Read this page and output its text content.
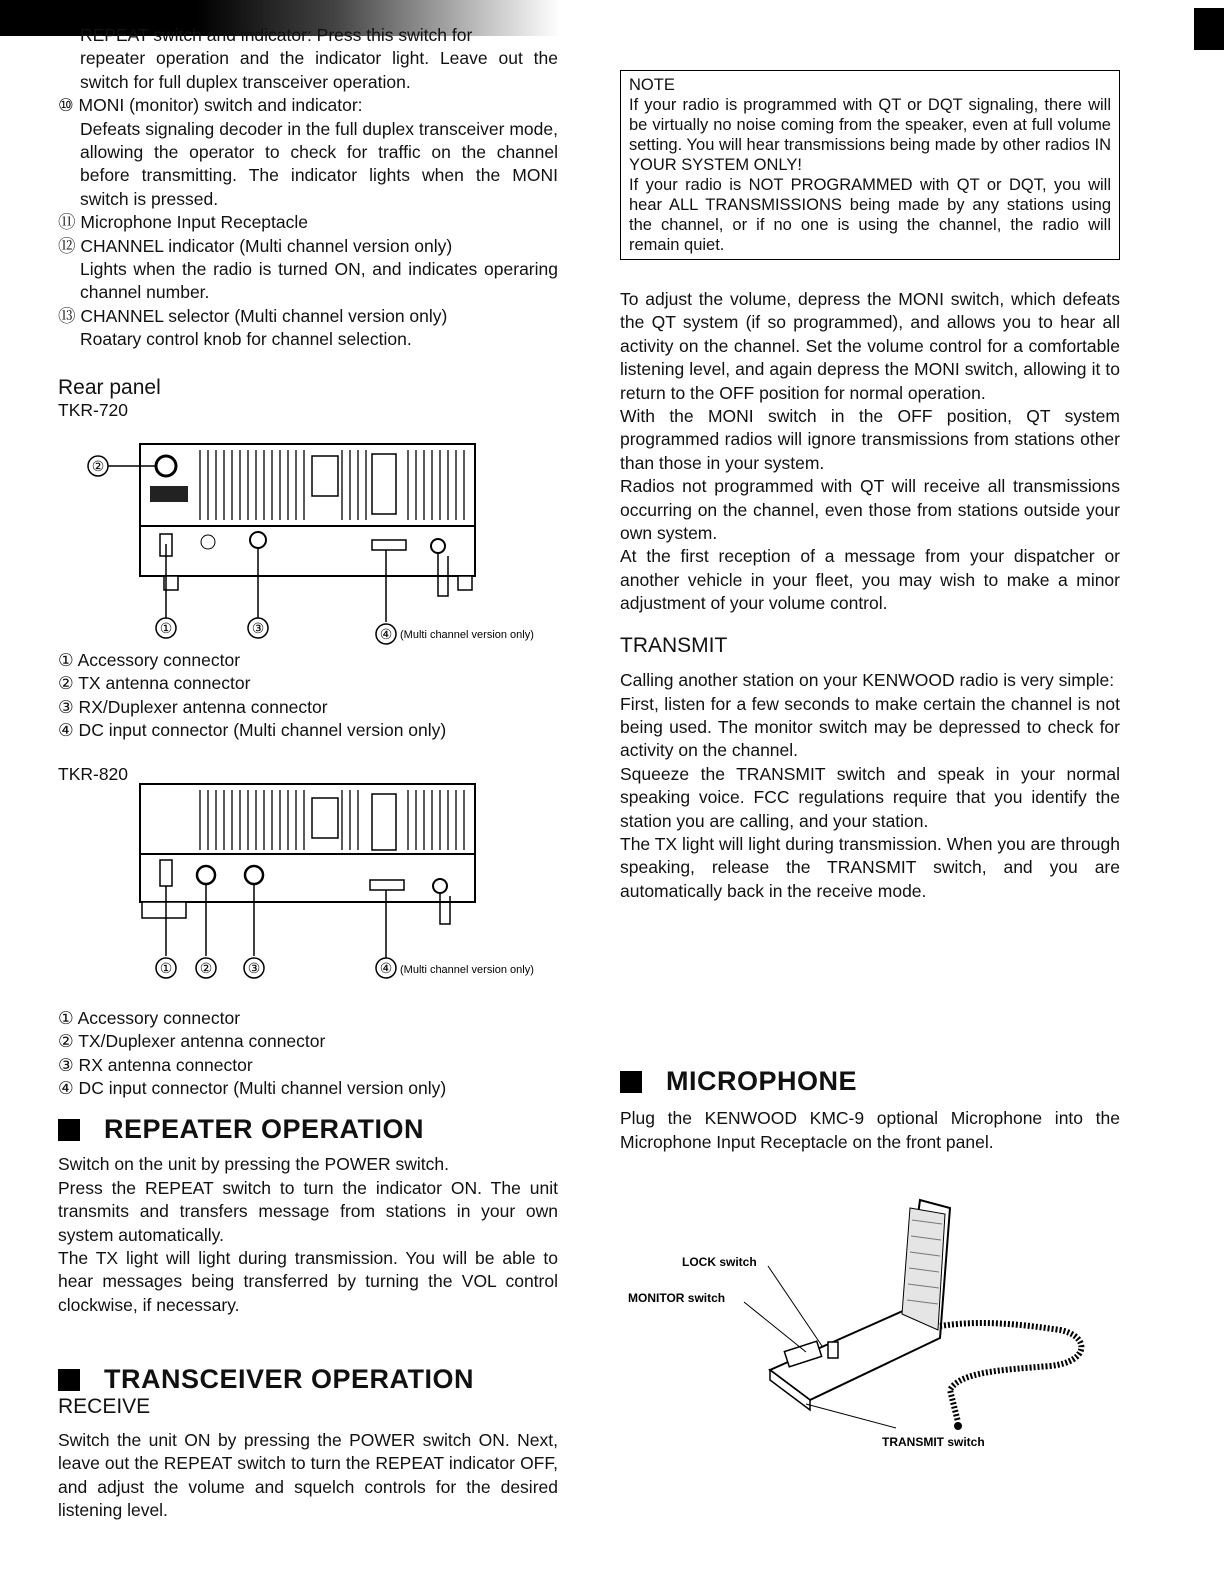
REPEAT switch and indicator: Press this switch for

repeater operation and the indicator light. Leave out the switch for full duplex transceiver operation.

⑩ MONI (monitor) switch and indicator:

Defeats signaling decoder in the full duplex transceiver mode, allowing the operator to check for traffic on the channel before transmitting. The indicator lights when the MONI switch is pressed.

⑪ Microphone Input Receptacle

⑫ CHANNEL indicator (Multi channel version only)

Lights when the radio is turned ON, and indicates operaring channel number.

⑬ CHANNEL selector (Multi channel version only)

Roatary control knob for channel selection.

Rear panel

TKR-720

②
①	③	④ (Multi channel version only)

① Accessory connector

② TX antenna connector

③ RX/Duplexer antenna connector

④ DC input connector (Multi channel version only)

TKR-820

① ②	③	④ (Multi channel version only)

① Accessory connector

② TX/Duplexer antenna connector

③ RX antenna connector

④ DC input connector (Multi channel version only)

REPEATER OPERATION

Switch on the unit by pressing the POWER switch.

Press the REPEAT switch to turn the indicator ON. The unit transmits and transfers message from stations in your own system automatically.

The TX light will light during transmission. You will be able to hear messages being transferred by turning the VOL control clockwise, if necessary.

TRANSCEIVER OPERATION

RECEIVE

Switch the unit ON by pressing the POWER switch ON. Next, leave out the REPEAT switch to turn the REPEAT indicator OFF, and adjust the volume and squelch controls for the desired listening level.

NOTE

If your radio is programmed with QT or DQT signaling, there will be virtually no noise coming from the speaker, even at full volume setting. You will hear transmissions being made by other radios IN YOUR SYSTEM ONLY!

If your radio is NOT PROGRAMMED with QT or DQT, you will hear ALL TRANSMISSIONS being made by any stations using the channel, or if no one is using the channel, the radio will remain quiet.

To adjust the volume, depress the MONI switch, which defeats the QT system (if so programmed), and allows you to hear all activity on the channel. Set the volume control for a comfortable listening level, and again depress the MONI switch, allowing it to return to the OFF position for normal operation.

With the MONI switch in the OFF position, QT system programmed radios will ignore transmissions from stations other than those in your system.

Radios not programmed with QT will receive all transmissions occurring on the channel, even those from stations outside your own system.

At the first reception of a message from your dispatcher or another vehicle in your fleet, you may wish to make a minor adjustment of your volume control.

TRANSMIT

Calling another station on your KENWOOD radio is very simple:

First, listen for a few seconds to make certain the channel is not being used. The monitor switch may be depressed to check for activity on the channel.

Squeeze the TRANSMIT switch and speak in your normal speaking voice. FCC regulations require that you identify the station you are calling, and your station.

The TX light will light during transmission. When you are through speaking, release the TRANSMIT switch, and you are automatically back in the receive mode.

MICROPHONE

Plug the KENWOOD KMC-9 optional Microphone into the Microphone Input Receptacle on the front panel.

LOCK switch
MONITOR switch
TRANSMIT switch
